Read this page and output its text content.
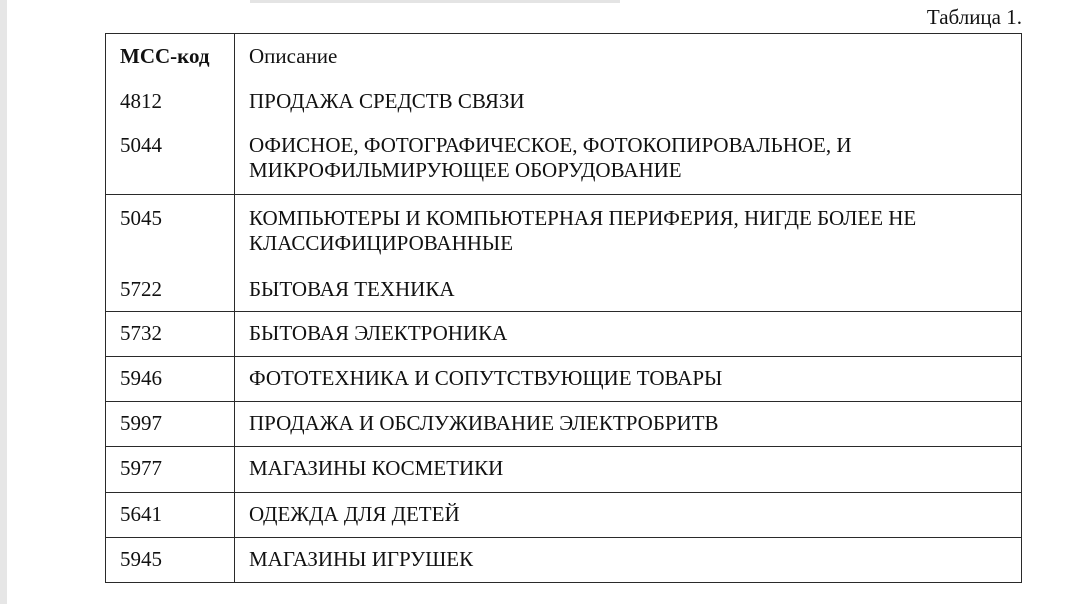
Таблица 1.
MCC-код	Описание
4812	ПРОДАЖА СРЕДСТВ СВЯЗИ
5044	ОФИСНОЕ, ФОТОГРАФИЧЕСКОЕ, ФОТОКОПИРОВАЛЬНОЕ, И МИКРОФИЛЬМИРУЮЩЕЕ ОБОРУДОВАНИЕ
5045	КОМПЬЮТЕРЫ И КОМПЬЮТЕРНАЯ ПЕРИФЕРИЯ, НИГДЕ БОЛЕЕ НЕ КЛАССИФИЦИРОВАННЫЕ
5722	БЫТОВАЯ ТЕХНИКА
5732	БЫТОВАЯ ЭЛЕКТРОНИКА
5946	ФОТОТЕХНИКА И СОПУТСТВУЮЩИЕ ТОВАРЫ
5997	ПРОДАЖА И ОБСЛУЖИВАНИЕ ЭЛЕКТРОБРИТВ
5977	МАГАЗИНЫ КОСМЕТИКИ
5641	ОДЕЖДА ДЛЯ ДЕТЕЙ
5945	МАГАЗИНЫ ИГРУШЕК
